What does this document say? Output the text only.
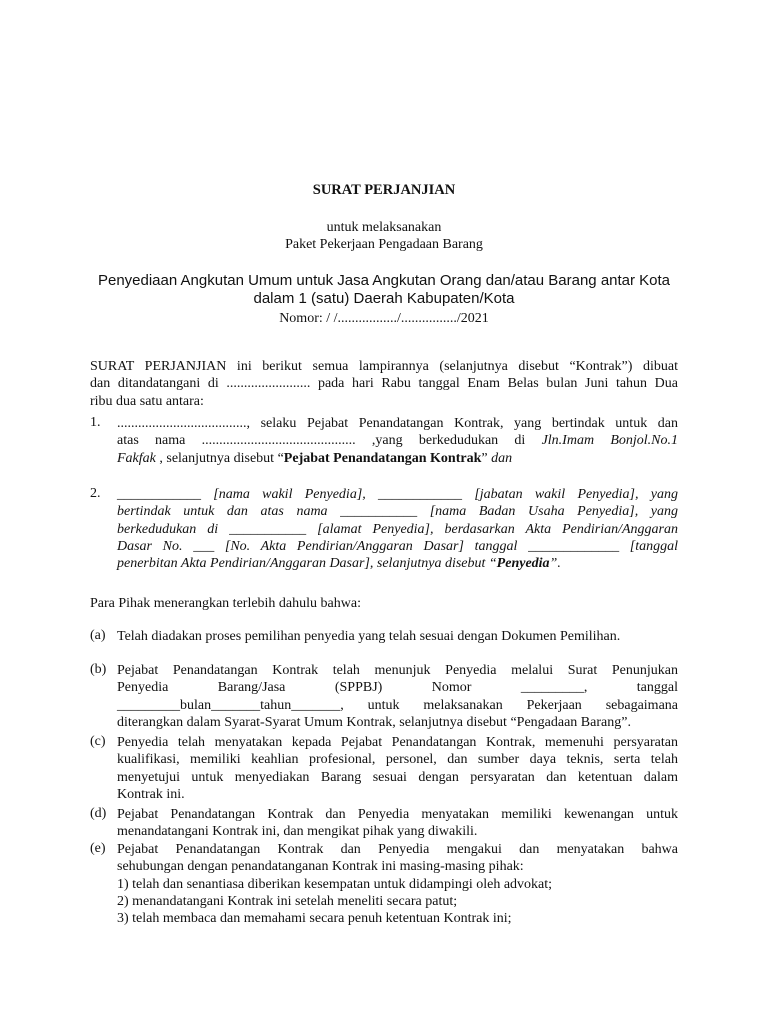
SURAT PERJANJIAN
untuk melaksanakan
Paket Pekerjaan Pengadaan Barang
Penyediaan Angkutan Umum untuk Jasa Angkutan Orang dan/atau Barang antar Kota
dalam 1 (satu) Daerah Kabupaten/Kota
Nomor: / /................./................/2021
SURAT PERJANJIAN ini berikut semua lampirannya (selanjutnya disebut “Kontrak”) dibuat
dan ditandatangani di ........................ pada hari Rabu tanggal Enam Belas bulan Juni tahun Dua
ribu dua satu antara:
1. ....................................., selaku Pejabat Penandatangan Kontrak, yang bertindak untuk dan
atas nama ............................................ ,yang berkedudukan di Jln.Imam Bonjol.No.1
Fakfak , selanjutnya disebut “Pejabat Penandatangan Kontrak” dan
2. ____________ [nama wakil Penyedia], ____________ [jabatan wakil Penyedia], yang
bertindak untuk dan atas nama ___________ [nama Badan Usaha Penyedia], yang
berkedudukan di ___________ [alamat Penyedia], berdasarkan Akta Pendirian/Anggaran
Dasar No. ___ [No. Akta Pendirian/Anggaran Dasar] tanggal _____________ [tanggal
penerbitan Akta Pendirian/Anggaran Dasar], selanjutnya disebut “Penyedia”.
Para Pihak menerangkan terlebih dahulu bahwa:
(a) Telah diadakan proses pemilihan penyedia yang telah sesuai dengan Dokumen Pemilihan.
(b) Pejabat Penandatangan Kontrak telah menunjuk Penyedia melalui Surat Penunjukan
Penyedia Barang/Jasa (SPPBJ) Nomor _________, tanggal
_________bulan_______tahun_______, untuk melaksanakan Pekerjaan sebagaimana
diterangkan dalam Syarat-Syarat Umum Kontrak, selanjutnya disebut “Pengadaan Barang”.
(c) Penyedia telah menyatakan kepada Pejabat Penandatangan Kontrak, memenuhi persyaratan
kualifikasi, memiliki keahlian profesional, personel, dan sumber daya teknis, serta telah
menyetujui untuk menyediakan Barang sesuai dengan persyaratan dan ketentuan dalam
Kontrak ini.
(d) Pejabat Penandatangan Kontrak dan Penyedia menyatakan memiliki kewenangan untuk
menandatangani Kontrak ini, dan mengikat pihak yang diwakili.
(e) Pejabat Penandatangan Kontrak dan Penyedia mengakui dan menyatakan bahwa
sehubungan dengan penandatanganan Kontrak ini masing-masing pihak:
1) telah dan senantiasa diberikan kesempatan untuk didampingi oleh advokat;
2) menandatangani Kontrak ini setelah meneliti secara patut;
3) telah membaca dan memahami secara penuh ketentuan Kontrak ini;
